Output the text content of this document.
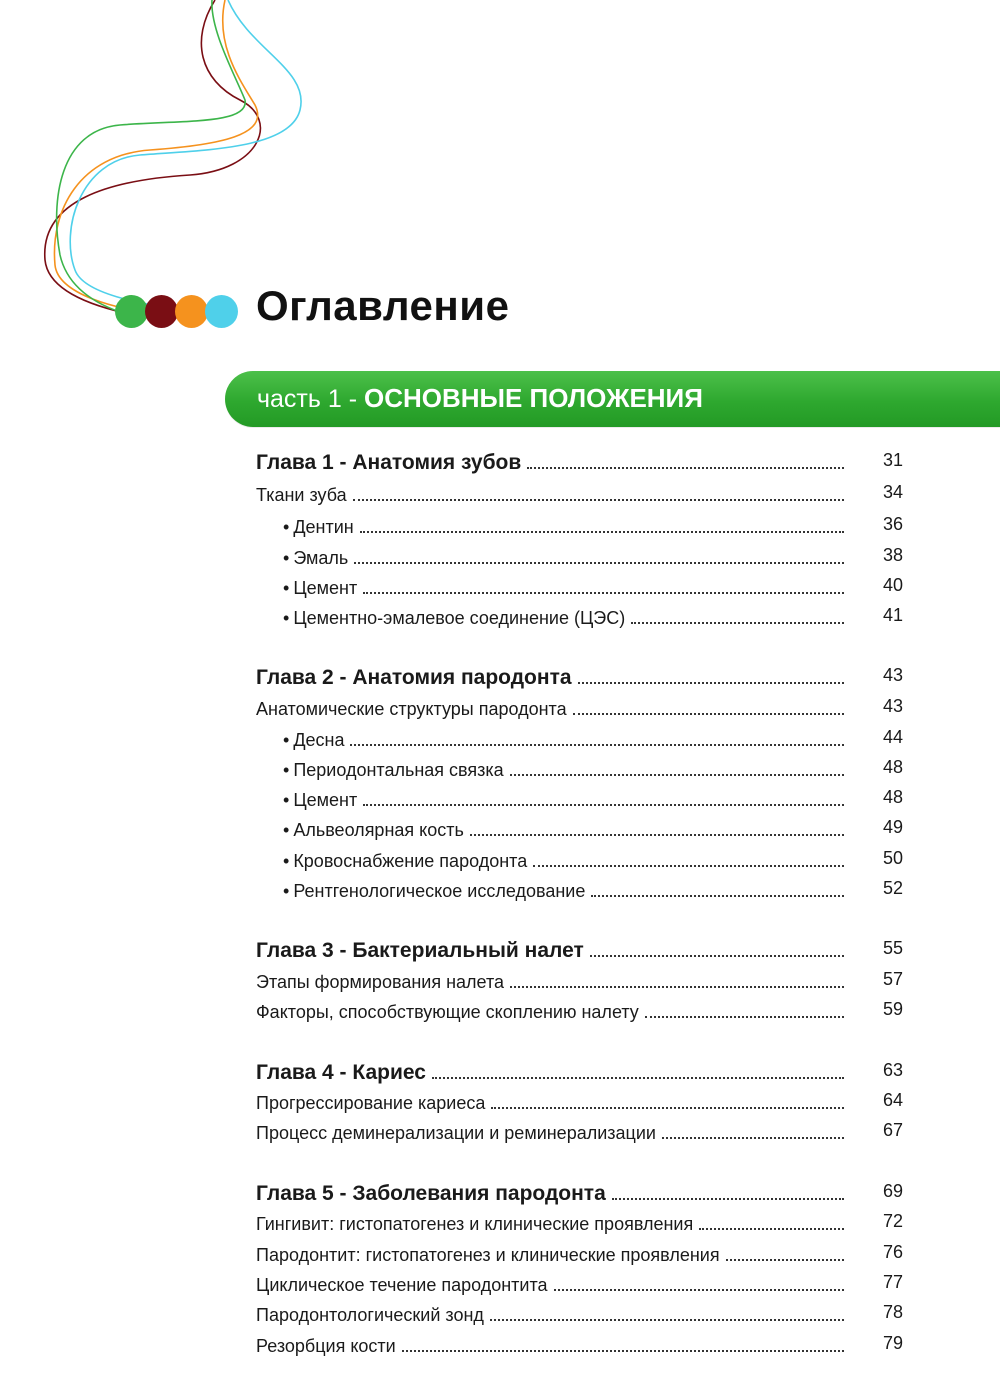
Оглавление
часть 1 - ОСНОВНЫЕ ПОЛОЖЕНИЯ
Глава 1 - Анатомия зубов	31
Ткани зуба	34
• Дентин	36
• Эмаль	38
• Цемент	40
• Цементно-эмалевое соединение (ЦЭС)	41
Глава 2 - Анатомия пародонта	43
Анатомические структуры пародонта	43
• Десна	44
• Периодонтальная связка	48
• Цемент	48
• Альвеолярная кость	49
• Кровоснабжение пародонта	50
• Рентгенологическое исследование	52
Глава 3 - Бактериальный налет	55
Этапы формирования налета	57
Факторы, способствующие скоплению налету	59
Глава 4 - Кариес	63
Прогрессирование кариеса	64
Процесс деминерализации и реминерализации	67
Глава 5 - Заболевания пародонта	69
Гингивит: гистопатогенез и клинические проявления	72
Пародонтит: гистопатогенез и клинические проявления	76
Циклическое течение пародонтита	77
Пародонтологический зонд	78
Резорбция кости	79
